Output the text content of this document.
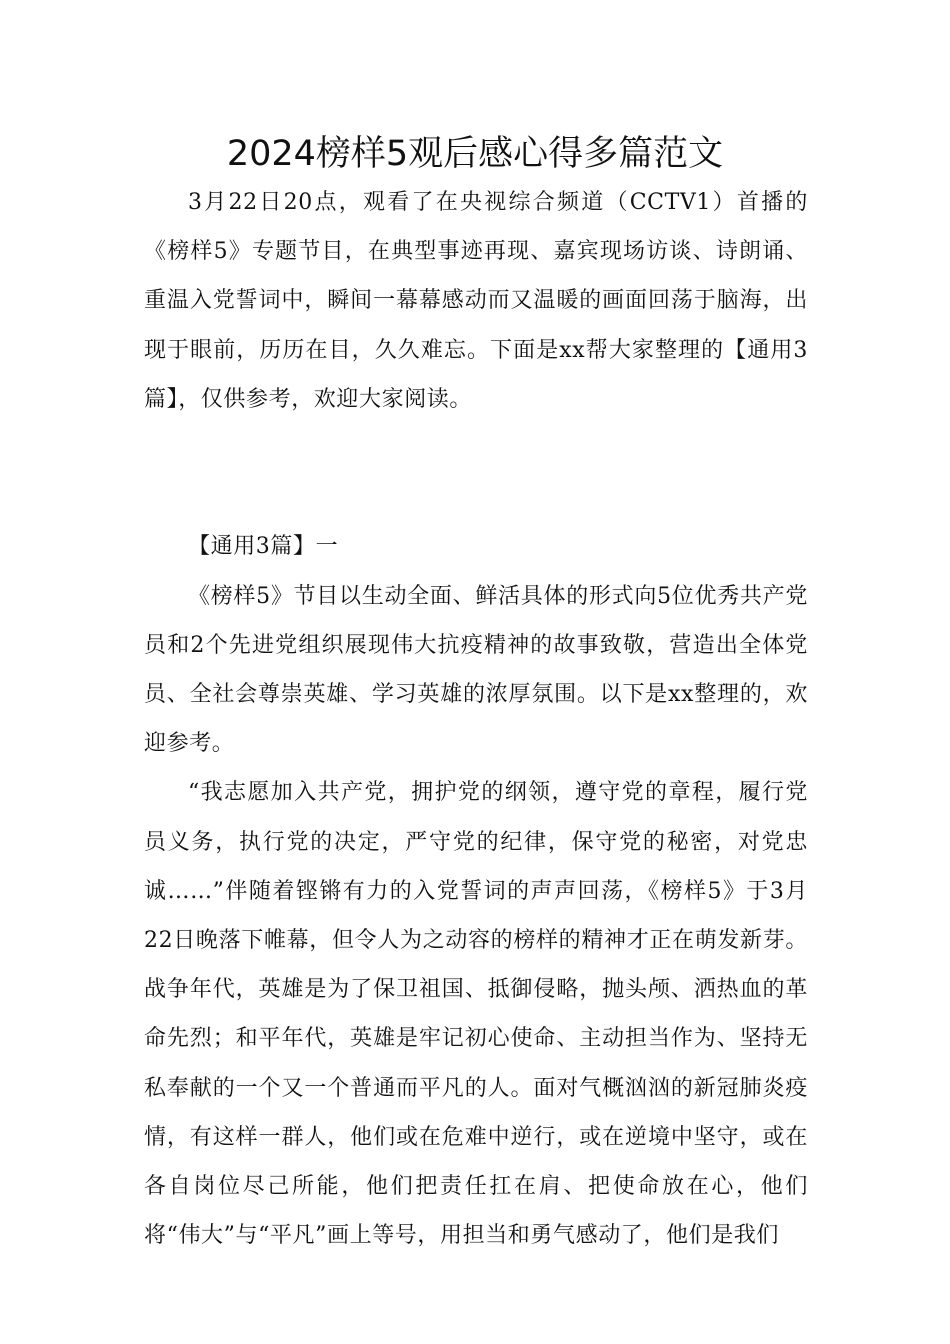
2024榜样5观后感心得多篇范文

3月22日20点，观看了在央视综合频道（CCTV1）首播的《榜样5》专题节目，在典型事迹再现、嘉宾现场访谈、诗朗诵、重温入党誓词中，瞬间一幕幕感动而又温暖的画面回荡于脑海，出现于眼前，历历在目，久久难忘。下面是xx帮大家整理的【通用3篇】，仅供参考，欢迎大家阅读。

【通用3篇】一

《榜样5》节目以生动全面、鲜活具体的形式向5位优秀共产党员和2个先进党组织展现伟大抗疫精神的故事致敬，营造出全体党员、全社会尊崇英雄、学习英雄的浓厚氛围。以下是xx整理的，欢迎参考。

“我志愿加入共产党，拥护党的纲领，遵守党的章程，履行党员义务，执行党的决定，严守党的纪律，保守党的秘密，对党忠诚……”伴随着铿锵有力的入党誓词的声声回荡，《榜样5》于3月22日晚落下帷幕，但令人为之动容的榜样的精神才正在萌发新芽。战争年代，英雄是为了保卫祖国、抵御侵略，抛头颅、洒热血的革命先烈；和平年代，英雄是牢记初心使命、主动担当作为、坚持无私奉献的一个又一个普通而平凡的人。面对气概汹汹的新冠肺炎疫情，有这样一群人，他们或在危难中逆行，或在逆境中坚守，或在各自岗位尽己所能，他们把责任扛在肩、把使命放在心，他们将“伟大”与“平凡”画上等号，用担当和勇气感动了，他们是我们
